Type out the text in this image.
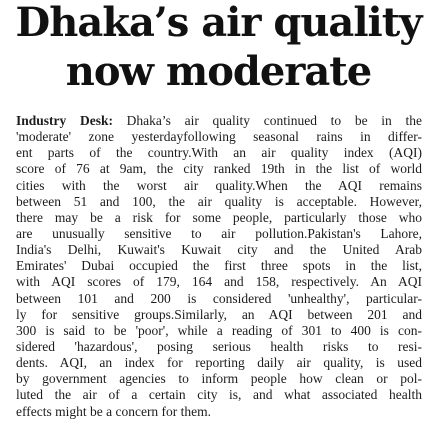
Dhaka’s air quality
now moderate
Industry Desk: Dhaka’s air quality continued to be in the
'moderate' zone yesterdayfollowing seasonal rains in differ-
ent parts of the country.With an air quality index (AQI)
score of 76 at 9am, the city ranked 19th in the list of world
cities with the worst air quality.When the AQI remains
between 51 and 100, the air quality is acceptable. However,
there may be a risk for some people, particularly those who
are unusually sensitive to air pollution.Pakistan's Lahore,
India's Delhi, Kuwait's Kuwait city and the United Arab
Emirates' Dubai occupied the first three spots in the list,
with AQI scores of 179, 164 and 158, respectively. An AQI
between 101 and 200 is considered 'unhealthy', particular-
ly for sensitive groups.Similarly, an AQI between 201 and
300 is said to be 'poor', while a reading of 301 to 400 is con-
sidered 'hazardous', posing serious health risks to resi-
dents. AQI, an index for reporting daily air quality, is used
by government agencies to inform people how clean or pol-
luted the air of a certain city is, and what associated health
effects might be a concern for them.
